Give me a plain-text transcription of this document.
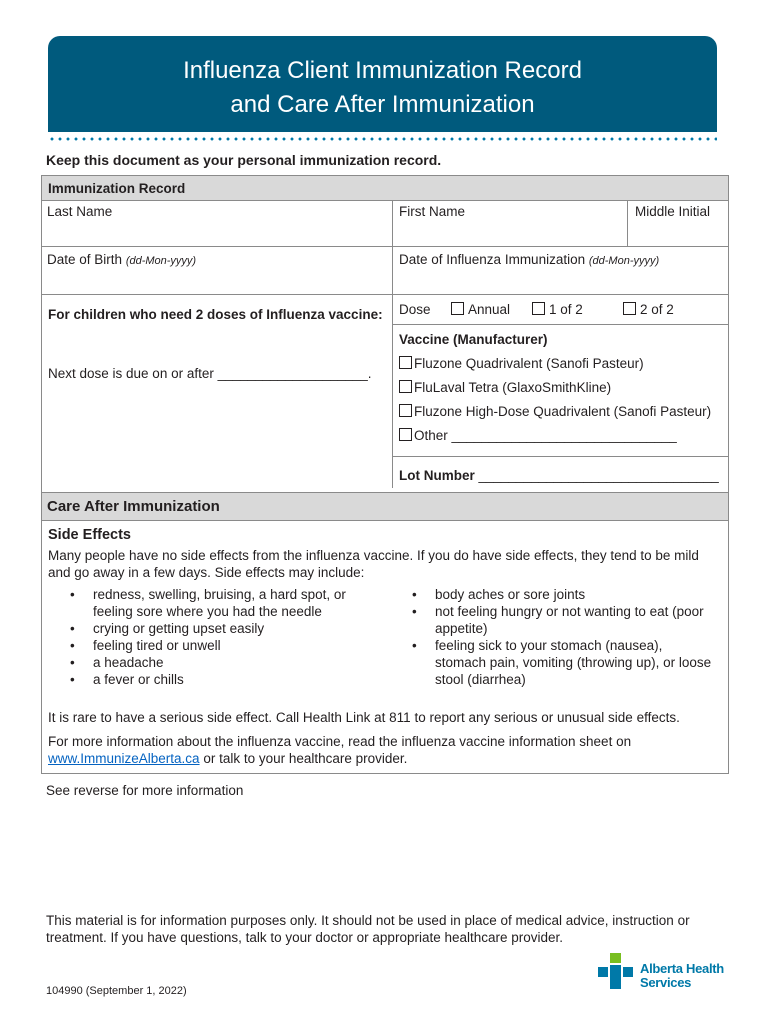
Influenza Client Immunization Record
and Care After Immunization
Keep this document as your personal immunization record.
Immunization Record
Last Name	First Name	Middle Initial
Date of Birth (dd-Mon-yyyy)	Date of Influenza Immunization (dd-Mon-yyyy)
For children who need 2 doses of Influenza vaccine:
Next dose is due on or after ____________________.
Dose	Annual	1 of 2	2 of 2
Vaccine (Manufacturer)
Fluzone Quadrivalent (Sanofi Pasteur)
FluLaval Tetra (GlaxoSmithKline)
Fluzone High-Dose Quadrivalent (Sanofi Pasteur)
Other ______________________________
Lot Number ________________________________
Care After Immunization
Side Effects
Many people have no side effects from the influenza vaccine. If you do have side effects, they tend to be mild
and go away in a few days. Side effects may include:
• redness, swelling, bruising, a hard spot, or
feeling sore where you had the needle
• crying or getting upset easily
• feeling tired or unwell
• a headache
• a fever or chills
• body aches or sore joints
• not feeling hungry or not wanting to eat (poor
appetite)
• feeling sick to your stomach (nausea),
stomach pain, vomiting (throwing up), or loose
stool (diarrhea)
It is rare to have a serious side effect. Call Health Link at 811 to report any serious or unusual side effects.
For more information about the influenza vaccine, read the influenza vaccine information sheet on
www.ImmunizeAlberta.ca or talk to your healthcare provider.
See reverse for more information
This material is for information purposes only. It should not be used in place of medical advice, instruction or treatment. If you have questions, talk to your doctor or appropriate healthcare provider.
104990 (September 1, 2022)
Alberta Health
Services
